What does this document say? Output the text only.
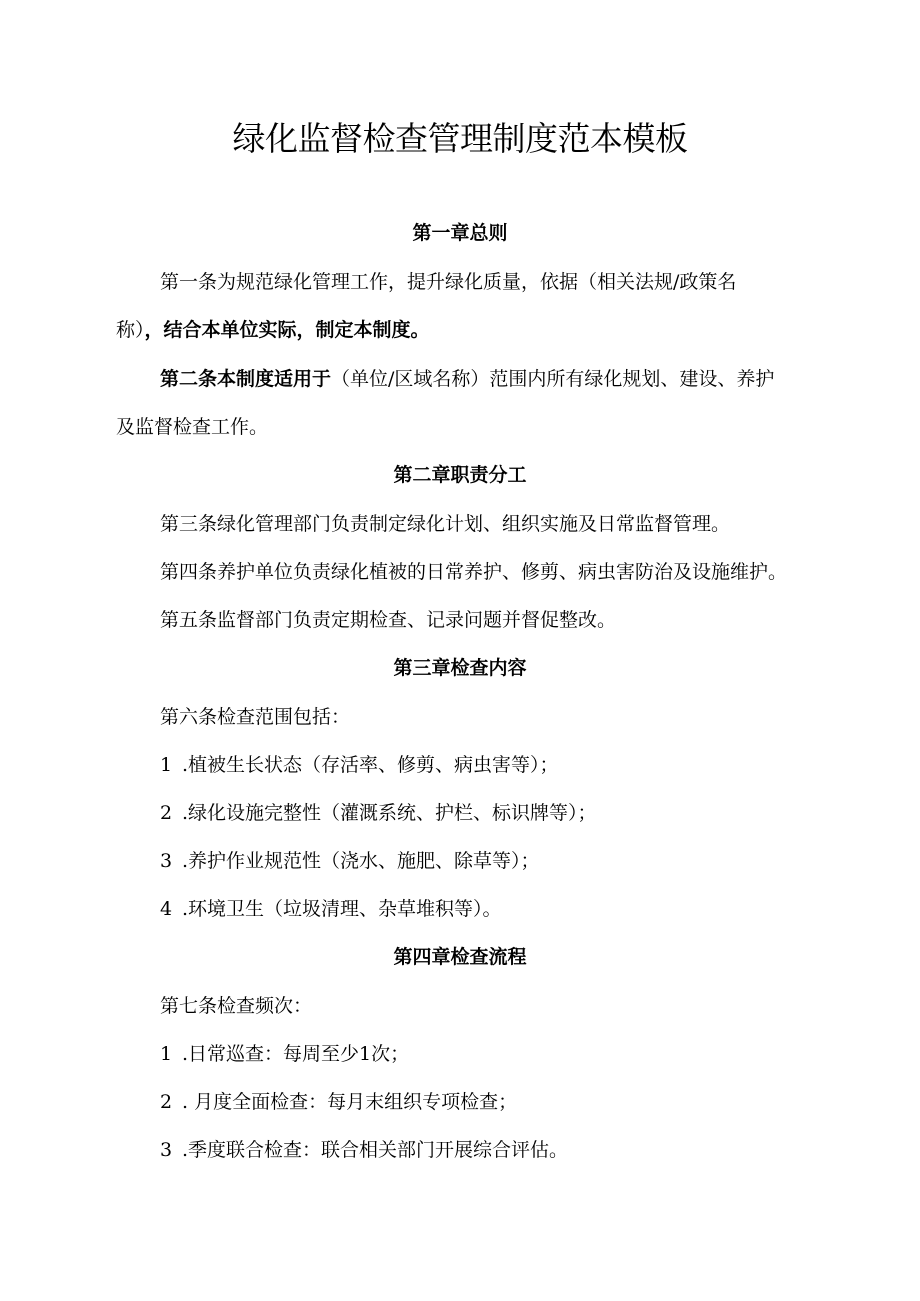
绿化监督检查管理制度范本模板
第一章总则
第一条为规范绿化管理工作，提升绿化质量，依据（相关法规/政策名
称），结合本单位实际，制定本制度。
第二条本制度适用于（单位/区域名称）范围内所有绿化规划、建设、养护
及监督检查工作。
第二章职责分工
第三条绿化管理部门负责制定绿化计划、组织实施及日常监督管理。
第四条养护单位负责绿化植被的日常养护、修剪、病虫害防治及设施维护。
第五条监督部门负责定期检查、记录问题并督促整改。
第三章检查内容
第六条检查范围包括：
1 .植被生长状态（存活率、修剪、病虫害等）；
2 .绿化设施完整性（灌溉系统、护栏、标识牌等）；
3 .养护作业规范性（浇水、施肥、除草等）；
4 .环境卫生（垃圾清理、杂草堆积等）。
第四章检查流程
第七条检查频次：
1 .日常巡查：每周至少1次；
2 . 月度全面检查：每月末组织专项检查；
3 .季度联合检查：联合相关部门开展综合评估。
